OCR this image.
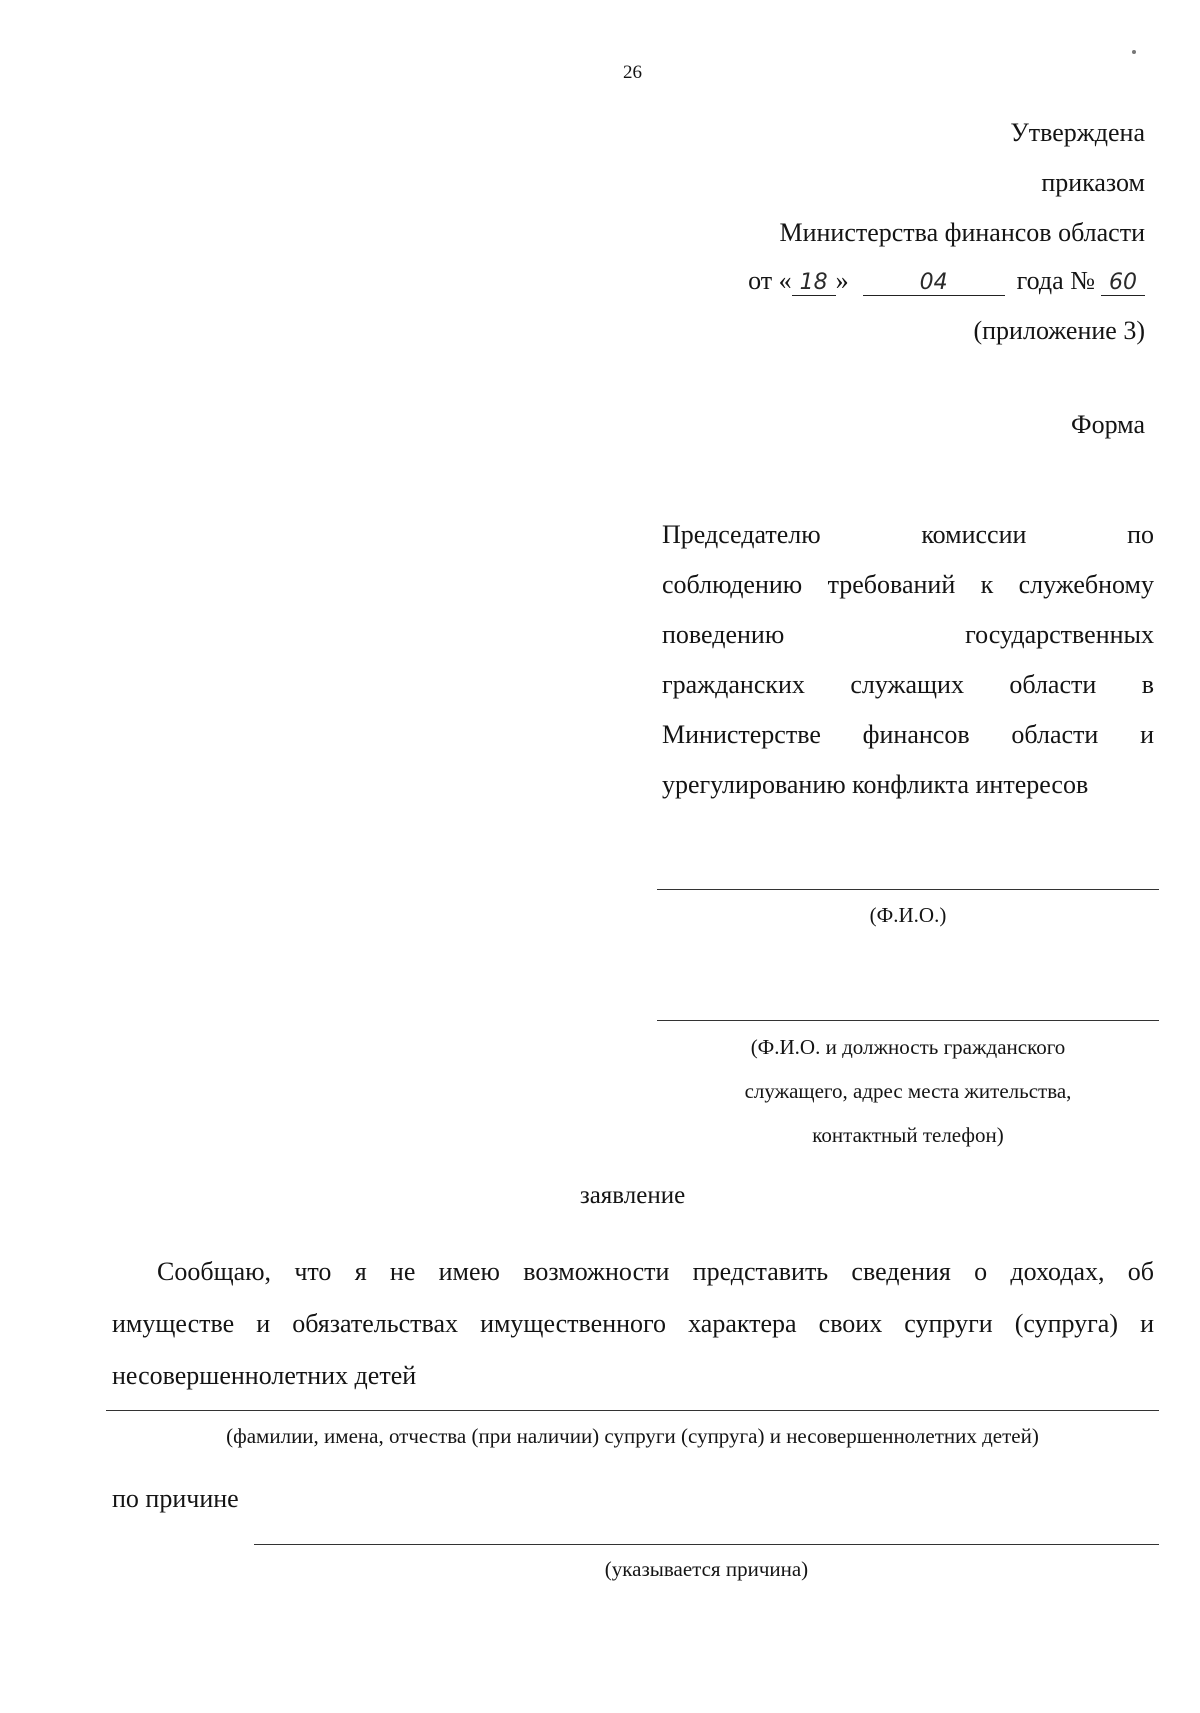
26
Утверждена
приказом
Министерства финансов области
от « 18 »	04	года № 60
(приложение 3)
Форма
Председателю комиссии по
соблюдению требований к служебному
поведению государственных
гражданских служащих области в
Министерстве финансов области и
урегулированию конфликта интересов
(Ф.И.О.)
(Ф.И.О. и должность гражданского
служащего, адрес места жительства,
контактный телефон)
заявление
Сообщаю, что я не имею возможности представить сведения о доходах, об
имуществе и обязательствах имущественного характера своих супруги (супруга) и
несовершеннолетних детей
(фамилии, имена, отчества (при наличии) супруги (супруга) и несовершеннолетних детей)
по причине
(указывается причина)
